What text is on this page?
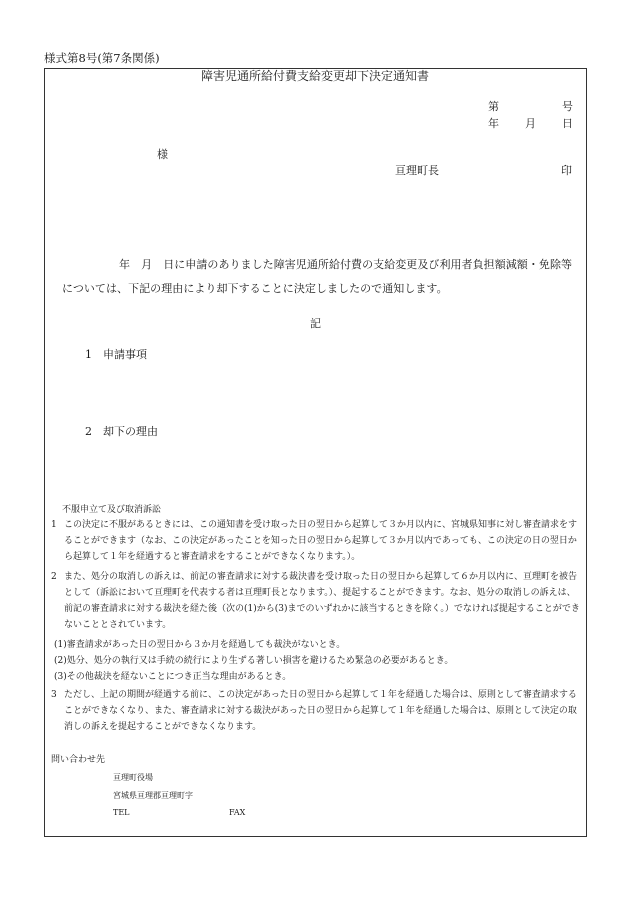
様式第8号(第7条関係)
障害児通所給付費支給変更却下決定通知書
第	号
年 月 日
様
亘理町長	印
年　月　日に申請のありました障害児通所給付費の支給変更及び利用者負担額減額・免除等については、下記の理由により却下することに決定しましたので通知します。
記
1　申請事項
2　却下の理由
不服申立て及び取消訴訟
1 この決定に不服があるときには、この通知書を受け取った日の翌日から起算して３か月以内に、宮城県知事に対し審査請求をすることができます（なお、この決定があったことを知った日の翌日から起算して３か月以内であっても、この決定の日の翌日から起算して１年を経過すると審査請求をすることができなくなります。）。
2 また、処分の取消しの訴えは、前記の審査請求に対する裁決書を受け取った日の翌日から起算して６か月以内に、亘理町を被告として（訴訟において亘理町を代表する者は亘理町長となります。）、提起することができます。なお、処分の取消しの訴えは、前記の審査請求に対する裁決を経た後（次の(1)から(3)までのいずれかに該当するときを除く。）でなければ提起することができないこととされています。
(1)審査請求があった日の翌日から３か月を経過しても裁決がないとき。
(2)処分、処分の執行又は手続の続行により生ずる著しい損害を避けるため緊急の必要があるとき。
(3)その他裁決を経ないことにつき正当な理由があるとき。
3 ただし、上記の期間が経過する前に、この決定があった日の翌日から起算して１年を経過した場合は、原則として審査請求することができなくなり、また、審査請求に対する裁決があった日の翌日から起算して１年を経過した場合は、原則として決定の取消しの訴えを提起することができなくなります。
問い合わせ先
亘理町役場
宮城県亘理郡亘理町字
TEL	FAX
